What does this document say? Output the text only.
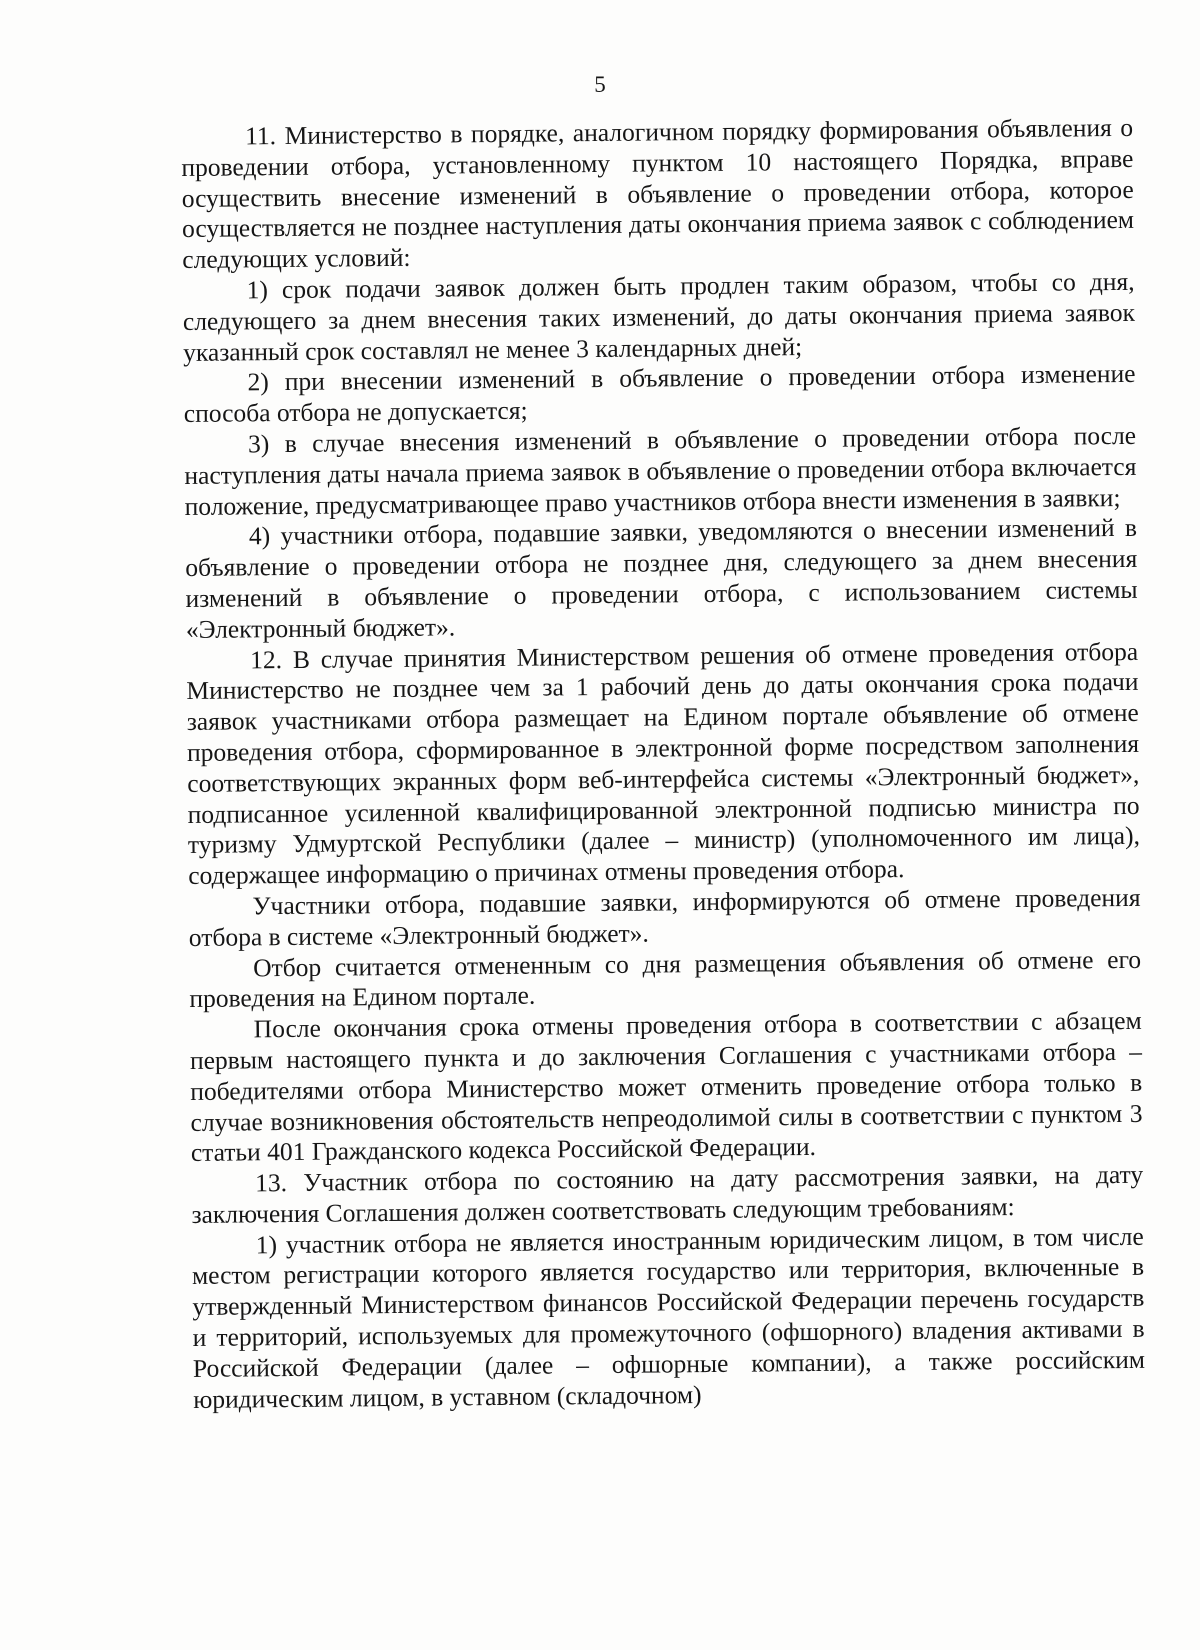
5

11. Министерство в порядке, аналогичном порядку формирования объявления о проведении отбора, установленному пунктом 10 настоящего Порядка, вправе осуществить внесение изменений в объявление о проведении отбора, которое осуществляется не позднее наступления даты окончания приема заявок с соблюдением следующих условий:

1) срок подачи заявок должен быть продлен таким образом, чтобы со дня, следующего за днем внесения таких изменений, до даты окончания приема заявок указанный срок составлял не менее 3 календарных дней;

2) при внесении изменений в объявление о проведении отбора изменение способа отбора не допускается;

3) в случае внесения изменений в объявление о проведении отбора после наступления даты начала приема заявок в объявление о проведении отбора включается положение, предусматривающее право участников отбора внести изменения в заявки;

4) участники отбора, подавшие заявки, уведомляются о внесении изменений в объявление о проведении отбора не позднее дня, следующего за днем внесения изменений в объявление о проведении отбора, с использованием системы «Электронный бюджет».

12. В случае принятия Министерством решения об отмене проведения отбора Министерство не позднее чем за 1 рабочий день до даты окончания срока подачи заявок участниками отбора размещает на Едином портале объявление об отмене проведения отбора, сформированное в электронной форме посредством заполнения соответствующих экранных форм веб-интерфейса системы «Электронный бюджет», подписанное усиленной квалифицированной электронной подписью министра по туризму Удмуртской Республики (далее – министр) (уполномоченного им лица), содержащее информацию о причинах отмены проведения отбора.

Участники отбора, подавшие заявки, информируются об отмене проведения отбора в системе «Электронный бюджет».

Отбор считается отмененным со дня размещения объявления об отмене его проведения на Едином портале.

После окончания срока отмены проведения отбора в соответствии с абзацем первым настоящего пункта и до заключения Соглашения с участниками отбора – победителями отбора Министерство может отменить проведение отбора только в случае возникновения обстоятельств непреодолимой силы в соответствии с пунктом 3 статьи 401 Гражданского кодекса Российской Федерации.

13. Участник отбора по состоянию на дату рассмотрения заявки, на дату заключения Соглашения должен соответствовать следующим требованиям:

1) участник отбора не является иностранным юридическим лицом, в том числе местом регистрации которого является государство или территория, включенные в утвержденный Министерством финансов Российской Федерации перечень государств и территорий, используемых для промежуточного (офшорного) владения активами в Российской Федерации (далее – офшорные компании), а также российским юридическим лицом, в уставном (складочном)
